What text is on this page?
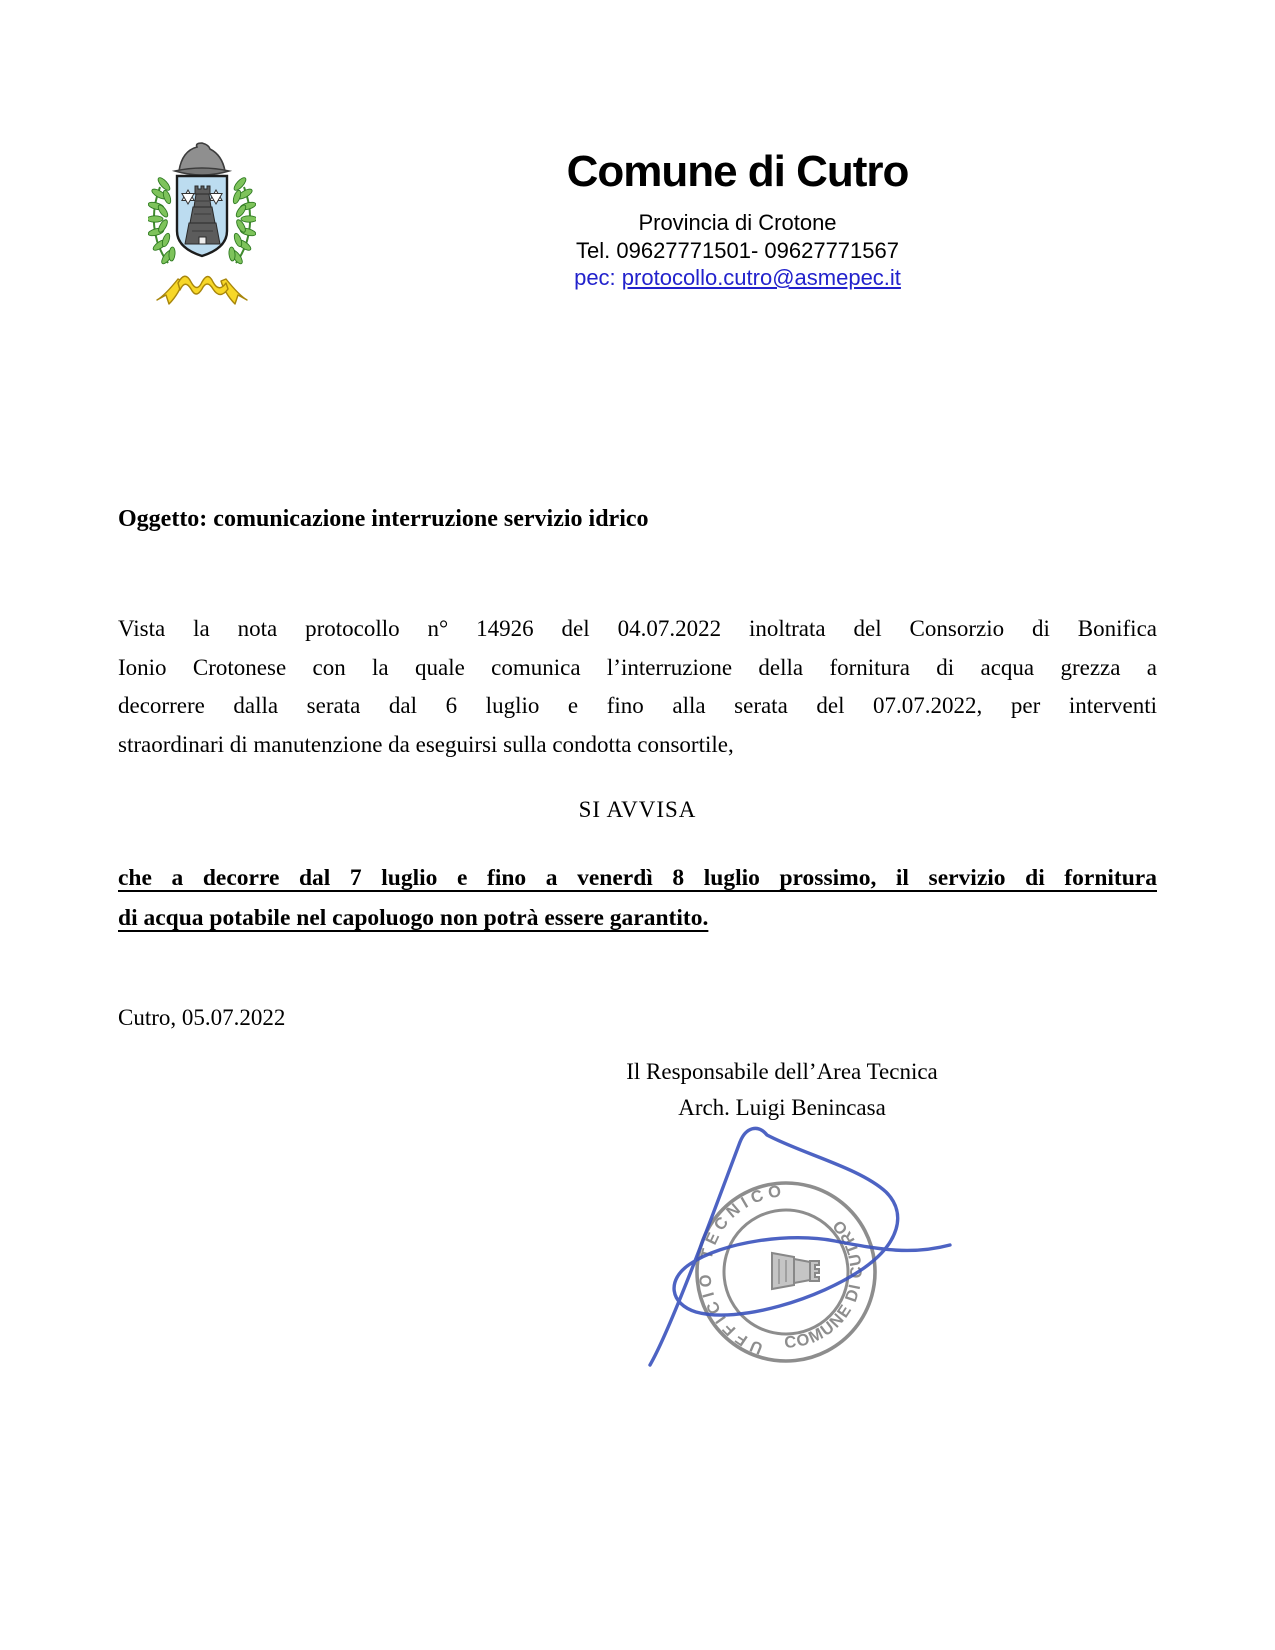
Comune di Cutro
Provincia di Crotone
Tel. 09627771501- 09627771567
pec: protocollo.cutro@asmepec.it
Oggetto: comunicazione interruzione servizio idrico
Vista la nota protocollo n° 14926 del 04.07.2022 inoltrata del Consorzio di Bonifica
Ionio Crotonese con la quale comunica l’interruzione della fornitura di acqua grezza a
decorrere dalla serata dal 6 luglio e fino alla serata del 07.07.2022, per interventi
straordinari di manutenzione da eseguirsi sulla condotta consortile,
SI AVVISA
che a decorre dal 7 luglio e fino a venerdì 8 luglio prossimo, il servizio di fornitura
di acqua potabile nel capoluogo non potrà essere garantito.
Cutro, 05.07.2022
Il Responsabile dell’Area Tecnica
Arch. Luigi Benincasa
UFFICIO TECNICO
COMUNE DI CUTRO
